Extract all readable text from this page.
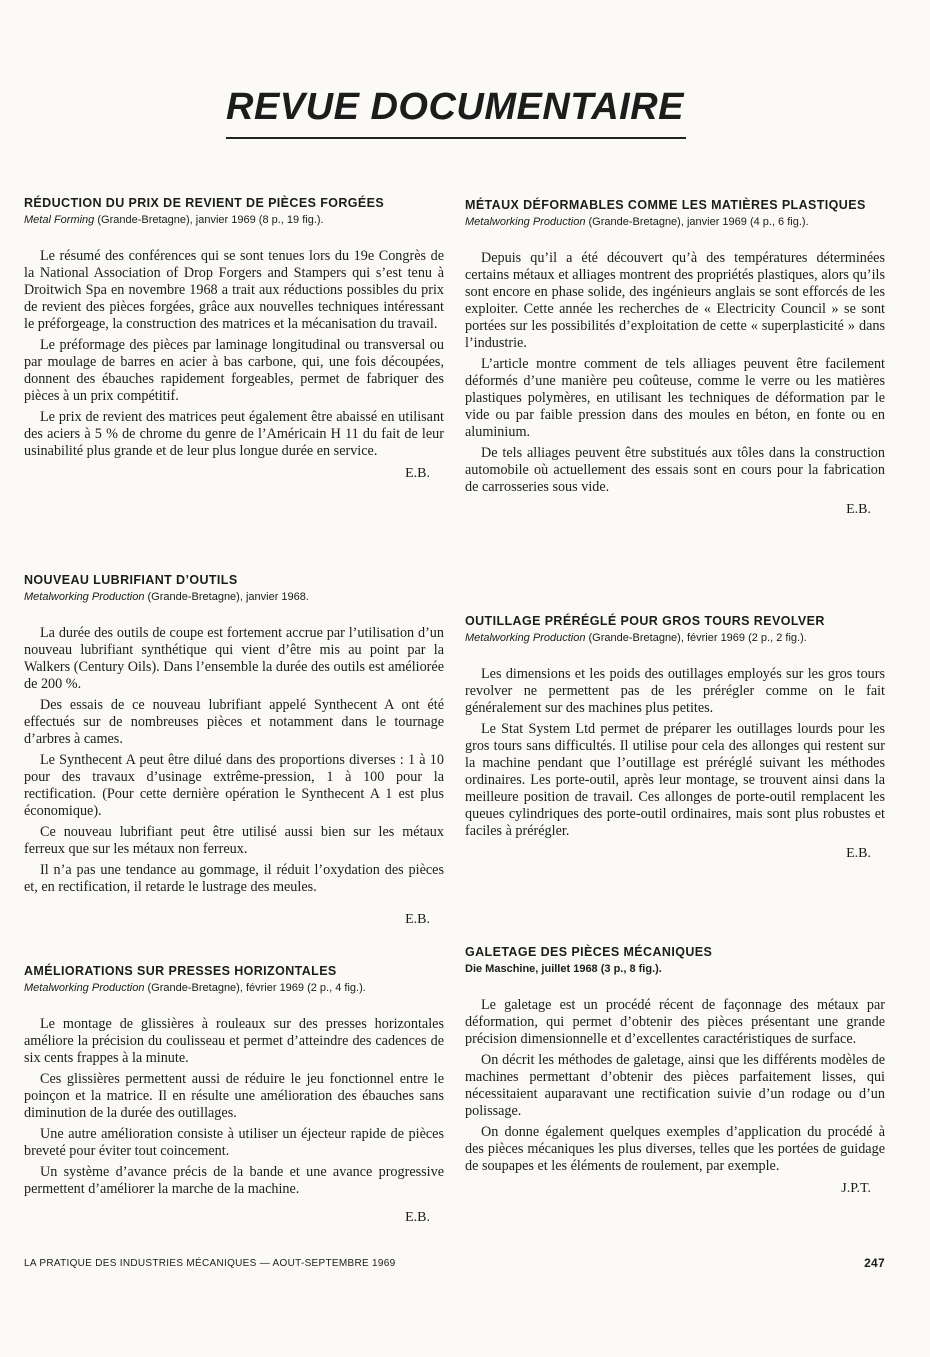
REVUE DOCUMENTAIRE
RÉDUCTION DU PRIX DE REVIENT DE PIÈCES FORGÉES
Metal Forming (Grande-Bretagne), janvier 1969 (8 p., 19 fig.).

Le résumé des conférences qui se sont tenues lors du 19e Congrès de la National Association of Drop Forgers and Stampers qui s’est tenu à Droitwich Spa en novembre 1968 a trait aux réductions possibles du prix de revient des pièces forgées, grâce aux nouvelles techniques intéressant le préforgeage, la construction des matrices et la mécanisation du travail.

Le préformage des pièces par laminage longitudinal ou transversal ou par moulage de barres en acier à bas carbone, qui, une fois découpées, donnent des ébauches rapidement forgeables, permet de fabriquer des pièces à un prix compétitif.

Le prix de revient des matrices peut également être abaissé en utilisant des aciers à 5 % de chrome du genre de l’Américain H 11 du fait de leur usinabilité plus grande et de leur plus longue durée en service.

E.B.
NOUVEAU LUBRIFIANT D’OUTILS
Metalworking Production (Grande-Bretagne), janvier 1968.

La durée des outils de coupe est fortement accrue par l’utilisation d’un nouveau lubrifiant synthétique qui vient d’être mis au point par la Walkers (Century Oils). Dans l’ensemble la durée des outils est améliorée de 200 %.

Des essais de ce nouveau lubrifiant appelé Synthecent A ont été effectués sur de nombreuses pièces et notamment dans le tournage d’arbres à cames.

Le Synthecent A peut être dilué dans des proportions diverses : 1 à 10 pour des travaux d’usinage extrême-pression, 1 à 100 pour la rectification. (Pour cette dernière opération le Synthecent A 1 est plus économique).

Ce nouveau lubrifiant peut être utilisé aussi bien sur les métaux ferreux que sur les métaux non ferreux.

Il n’a pas une tendance au gommage, il réduit l’oxydation des pièces et, en rectification, il retarde le lustrage des meules.

E.B.
AMÉLIORATIONS SUR PRESSES HORIZONTALES
Metalworking Production (Grande-Bretagne), février 1969 (2 p., 4 fig.).

Le montage de glissières à rouleaux sur des presses horizontales améliore la précision du coulisseau et permet d’atteindre des cadences de six cents frappes à la minute.

Ces glissières permettent aussi de réduire le jeu fonctionnel entre le poinçon et la matrice. Il en résulte une amélioration des ébauches sans diminution de la durée des outillages.

Une autre amélioration consiste à utiliser un éjecteur rapide de pièces breveté pour éviter tout coincement.

Un système d’avance précis de la bande et une avance progressive permettent d’améliorer la marche de la machine.

E.B.
MÉTAUX DÉFORMABLES COMME LES MATIÈRES PLASTIQUES
Metalworking Production (Grande-Bretagne), janvier 1969 (4 p., 6 fig.).

Depuis qu’il a été découvert qu’à des températures déterminées certains métaux et alliages montrent des propriétés plastiques, alors qu’ils sont encore en phase solide, des ingénieurs anglais se sont efforcés de les exploiter. Cette année les recherches de « Electricity Council » se sont portées sur les possibilités d’exploitation de cette « superplasticité » dans l’industrie.

L’article montre comment de tels alliages peuvent être facilement déformés d’une manière peu coûteuse, comme le verre ou les matières plastiques polymères, en utilisant les techniques de déformation par le vide ou par faible pression dans des moules en béton, en fonte ou en aluminium.

De tels alliages peuvent être substitués aux tôles dans la construction automobile où actuellement des essais sont en cours pour la fabrication de carrosseries sous vide.

E.B.
OUTILLAGE PRÉRÉGLÉ POUR GROS TOURS REVOLVER
Metalworking Production (Grande-Bretagne), février 1969 (2 p., 2 fig.).

Les dimensions et les poids des outillages employés sur les gros tours revolver ne permettent pas de les prérégler comme on le fait généralement sur des machines plus petites.

Le Stat System Ltd permet de préparer les outillages lourds pour les gros tours sans difficultés. Il utilise pour cela des allonges qui restent sur la machine pendant que l’outillage est préréglé suivant les méthodes ordinaires. Les porte-outil, après leur montage, se trouvent ainsi dans la meilleure position de travail. Ces allonges de porte-outil remplacent les queues cylindriques des porte-outil ordinaires, mais sont plus robustes et faciles à prérégler.

E.B.
GALETAGE DES PIÈCES MÉCANIQUES
Die Maschine, juillet 1968 (3 p., 8 fig.).

Le galetage est un procédé récent de façonnage des métaux par déformation, qui permet d’obtenir des pièces présentant une grande précision dimensionnelle et d’excellentes caractéristiques de surface.

On décrit les méthodes de galetage, ainsi que les différents modèles de machines permettant d’obtenir des pièces parfaitement lisses, qui nécessitaient auparavant une rectification suivie d’un rodage ou d’un polissage.

On donne également quelques exemples d’application du procédé à des pièces mécaniques les plus diverses, telles que les portées de guidage de soupapes et les éléments de roulement, par exemple.

J.P.T.
LA PRATIQUE DES INDUSTRIES MÉCANIQUES — AOUT-SEPTEMBRE 1969	247
